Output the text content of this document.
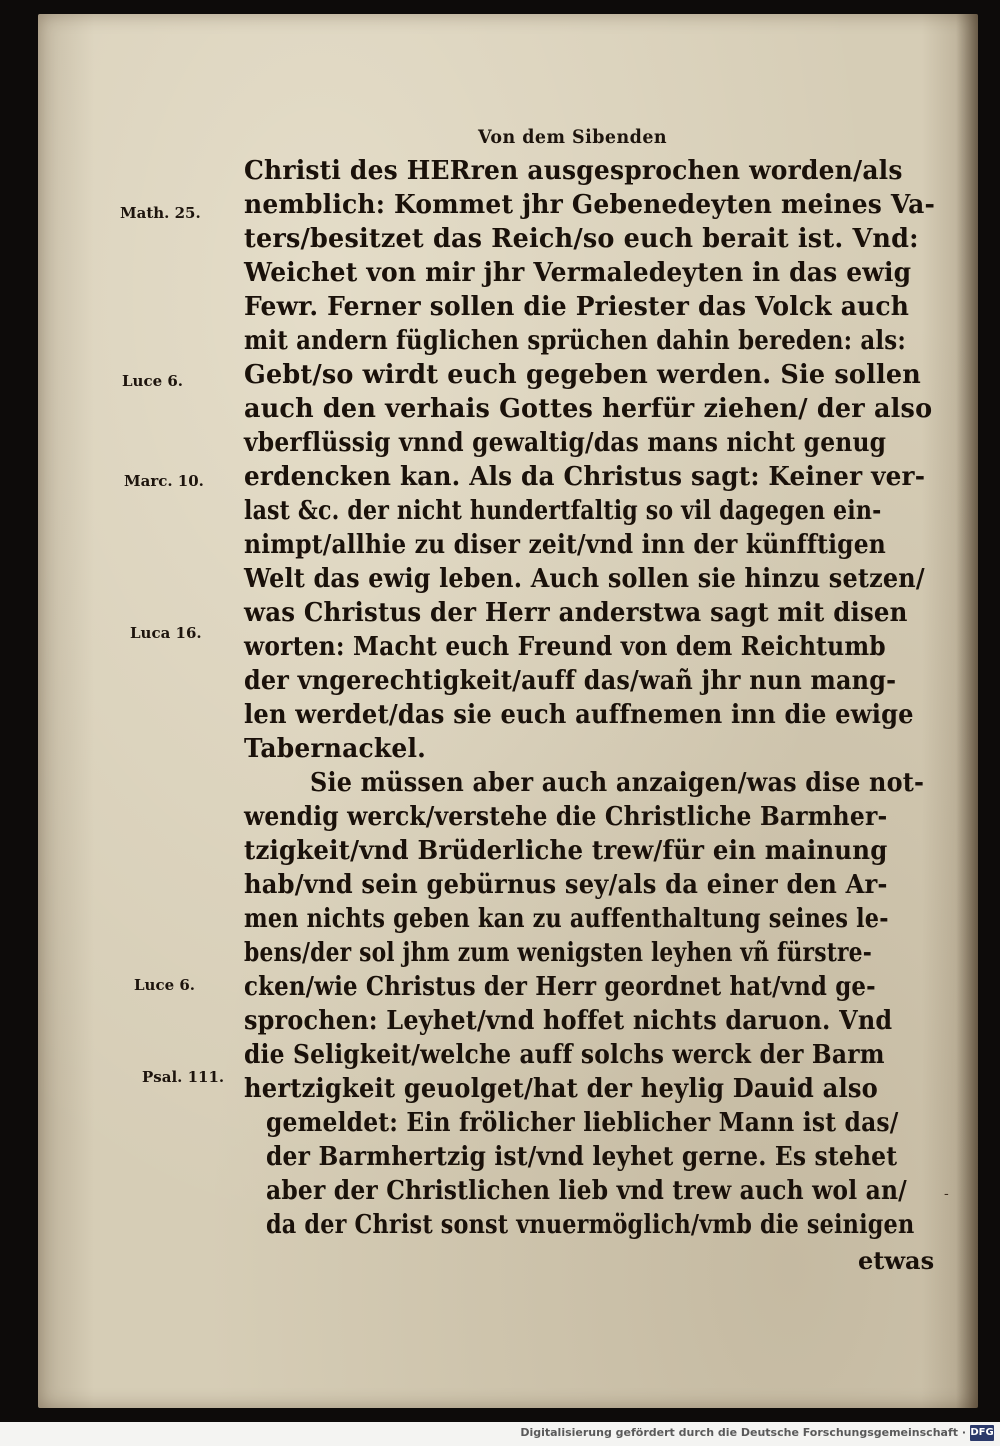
Von dem Sibenden
Christi des HERren ausgesprochen worden/als
nemblich: Kommet jhr Gebenedeyten meines Va-
ters/besitzet das Reich/so euch berait ist. Vnd:
Weichet von mir jhr Vermaledeyten in das ewig
Fewr. Ferner sollen die Priester das Volck auch
mit andern füglichen sprüchen dahin bereden: als:
Gebt/so wirdt euch gegeben werden. Sie sollen
auch den verhais Gottes herfür ziehen/ der also
vberflüssig vnnd gewaltig/das mans nicht genug
erdencken kan. Als da Christus sagt: Keiner ver-
last &c. der nicht hundertfaltig so vil dagegen ein-
nimpt/allhie zu diser zeit/vnd inn der künfftigen
Welt das ewig leben. Auch sollen sie hinzu setzen/
was Christus der Herr anderstwa sagt mit disen
worten: Macht euch Freund von dem Reichtumb
der vngerechtigkeit/auff das/wañ jhr nun mang-
len werdet/das sie euch auffnemen inn die ewige
Tabernackel.
Sie müssen aber auch anzaigen/was dise not-
wendig werck/verstehe die Christliche Barmher-
tzigkeit/vnd Brüderliche trew/für ein mainung
hab/vnd sein gebürnus sey/als da einer den Ar-
men nichts geben kan zu auffenthaltung seines le-
bens/der sol jhm zum wenigsten leyhen vñ fürstre-
cken/wie Christus der Herr geordnet hat/vnd ge-
sprochen: Leyhet/vnd hoffet nichts daruon. Vnd
die Seligkeit/welche auff solchs werck der Barm
hertzigkeit geuolget/hat der heylig Dauid also
gemeldet: Ein frölicher lieblicher Mann ist das/
der Barmhertzig ist/vnd leyhet gerne. Es stehet
aber der Christlichen lieb vnd trew auch wol an/
da der Christ sonst vnuermöglich/vmb die seinigen
etwas
-
Math. 25.
Luce 6.
Marc. 10.
Luca 16.
Luce 6.
Psal. 111.
Digitalisierung gefördert durch die Deutsche Forschungsgemeinschaft · DFG
